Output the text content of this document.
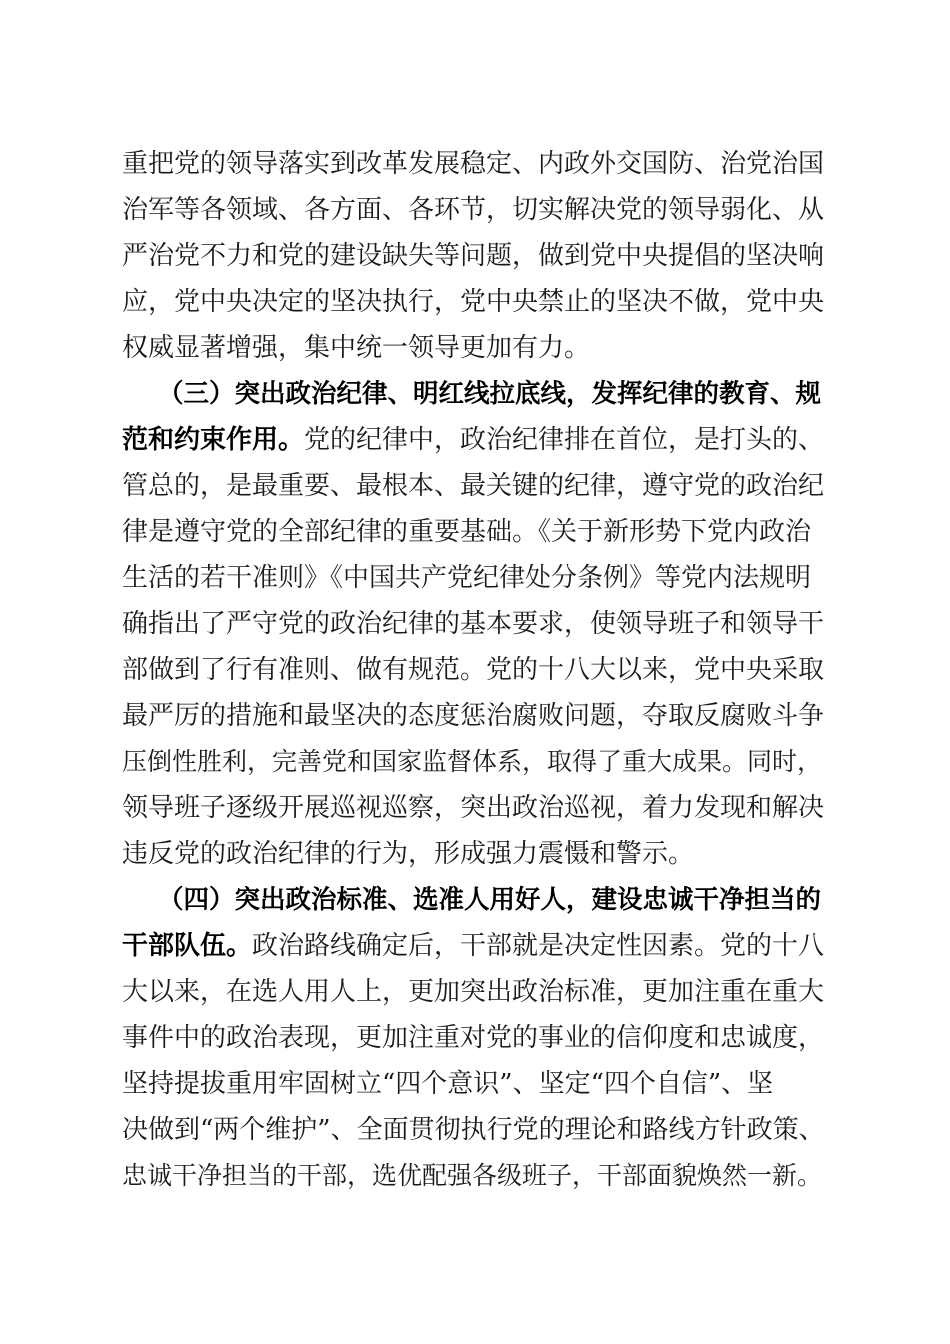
重把党的领导落实到改革发展稳定、内政外交国防、治党治国
治军等各领域、各方面、各环节，切实解决党的领导弱化、从
严治党不力和党的建设缺失等问题，做到党中央提倡的坚决响
应，党中央决定的坚决执行，党中央禁止的坚决不做，党中央
权威显著增强，集中统一领导更加有力。
（三）突出政治纪律、明红线拉底线，发挥纪律的教育、规
范和约束作用。党的纪律中，政治纪律排在首位，是打头的、
管总的，是最重要、最根本、最关键的纪律，遵守党的政治纪
律是遵守党的全部纪律的重要基础。《关于新形势下党内政治
生活的若干准则》《中国共产党纪律处分条例》等党内法规明
确指出了严守党的政治纪律的基本要求，使领导班子和领导干
部做到了行有准则、做有规范。党的十八大以来，党中央采取
最严厉的措施和最坚决的态度惩治腐败问题，夺取反腐败斗争
压倒性胜利，完善党和国家监督体系，取得了重大成果。同时，
领导班子逐级开展巡视巡察，突出政治巡视，着力发现和解决
违反党的政治纪律的行为，形成强力震慑和警示。
（四）突出政治标准、选准人用好人，建设忠诚干净担当的
干部队伍。政治路线确定后，干部就是决定性因素。党的十八
大以来，在选人用人上，更加突出政治标准，更加注重在重大
事件中的政治表现，更加注重对党的事业的信仰度和忠诚度，
坚持提拔重用牢固树立“四个意识”、坚定“四个自信”、坚
决做到“两个维护”、全面贯彻执行党的理论和路线方针政策、
忠诚干净担当的干部，选优配强各级班子，干部面貌焕然一新。
